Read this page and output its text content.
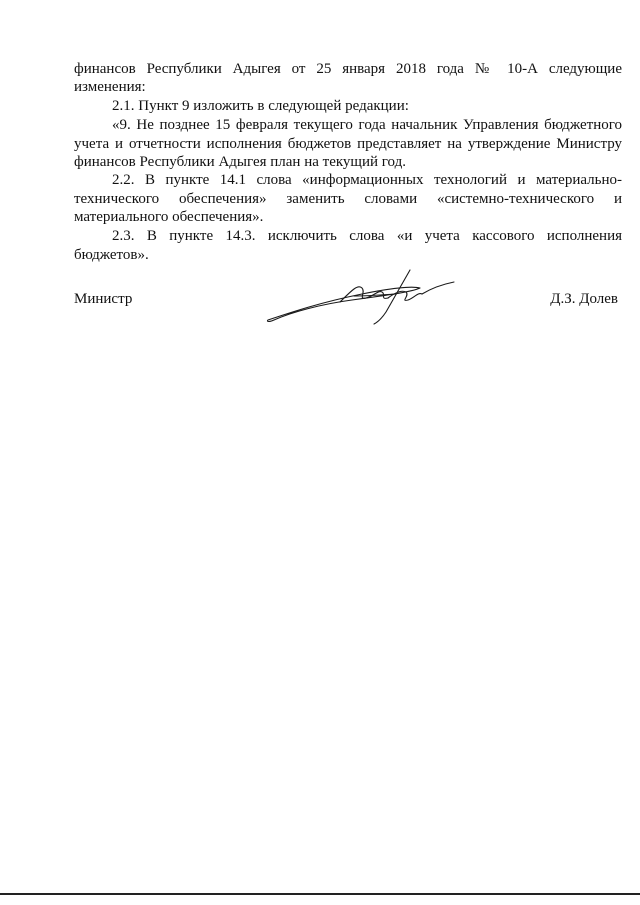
финансов Республики Адыгея от 25 января 2018 года № 10-А следующие
изменения:
2.1. Пункт 9 изложить в следующей редакции:
«9. Не позднее 15 февраля текущего года начальник Управления бюджетного учета и отчетности исполнения бюджетов представляет на утверждение Министру финансов Республики Адыгея план на текущий год.
2.2. В пункте 14.1 слова «информационных технологий и материально-технического обеспечения» заменить словами «системно-технического и материального обеспечения».
2.3. В пункте 14.3. исключить слова «и учета кассового исполнения бюджетов».
Министр	Д.З. Долев
